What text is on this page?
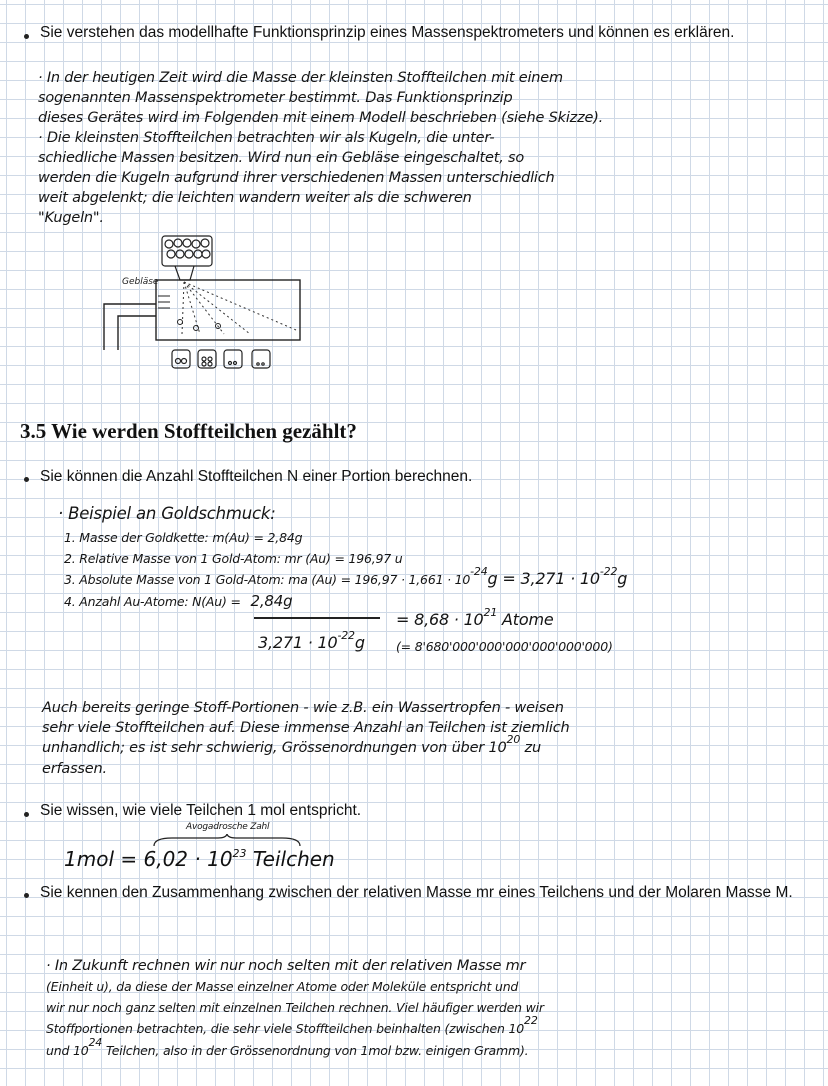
Sie verstehen das modellhafte Funktionsprinzip eines Massenspektrometers und können es erklären.
· In der heutigen Zeit wird die Masse der kleinsten Stoffteilchen mit einem
sogenannten Massenspektrometer bestimmt. Das Funktionsprinzip
dieses Gerätes wird im Folgenden mit einem Modell beschrieben (siehe Skizze).
· Die kleinsten Stoffteilchen betrachten wir als Kugeln, die unter-
schiedliche Massen besitzen. Wird nun ein Gebläse eingeschaltet, so
werden die Kugeln aufgrund ihrer verschiedenen Massen unterschiedlich
weit abgelenkt; die leichten wandern weiter als die schweren
"Kugeln".
Gebläse
3.5 Wie werden Stoffteilchen gezählt?
Sie können die Anzahl Stoffteilchen N einer Portion berechnen.
· Beispiel an Goldschmuck:
1. Masse der Goldkette: m(Au) = 2,84g
2. Relative Masse von 1 Gold-Atom: mr (Au) = 196,97 u
3. Absolute Masse von 1 Gold-Atom: ma (Au) = 196,97 · 1,661 · 10-24g = 3,271 · 10-22g
4. Anzahl Au-Atome: N(Au) = 2,84g
$3,271 \cdot 10^{-22}g$
= $8,68 \cdot 10^{21}$ Atome
(= 8'680'000'000'000'000'000'000)
Auch bereits geringe Stoff-Portionen - wie z.B. ein Wassertropfen - weisen
sehr viele Stoffteilchen auf. Diese immense Anzahl an Teilchen ist ziemlich
unhandlich; es ist sehr schwierig, Grössenordnungen von über $10^{20}$ zu
erfassen.
Sie wissen, wie viele Teilchen 1 mol entspricht.
Avogadrosche Zahl
$1mol = 6,02 \cdot 10^{23}$ Teilchen
Sie kennen den Zusammenhang zwischen der relativen Masse mr eines Teilchens und der Molaren Masse M.
· In Zukunft rechnen wir nur noch selten mit der relativen Masse mr
(Einheit u), da diese der Masse einzelner Atome oder Moleküle entspricht und
wir nur noch ganz selten mit einzelnen Teilchen rechnen. Viel häufiger werden wir
Stoffportionen betrachten, die sehr viele Stoffteilchen beinhalten (zwischen 1022
und 1024 Teilchen, also in der Grössenordnung von 1mol bzw. einigen Gramm).
